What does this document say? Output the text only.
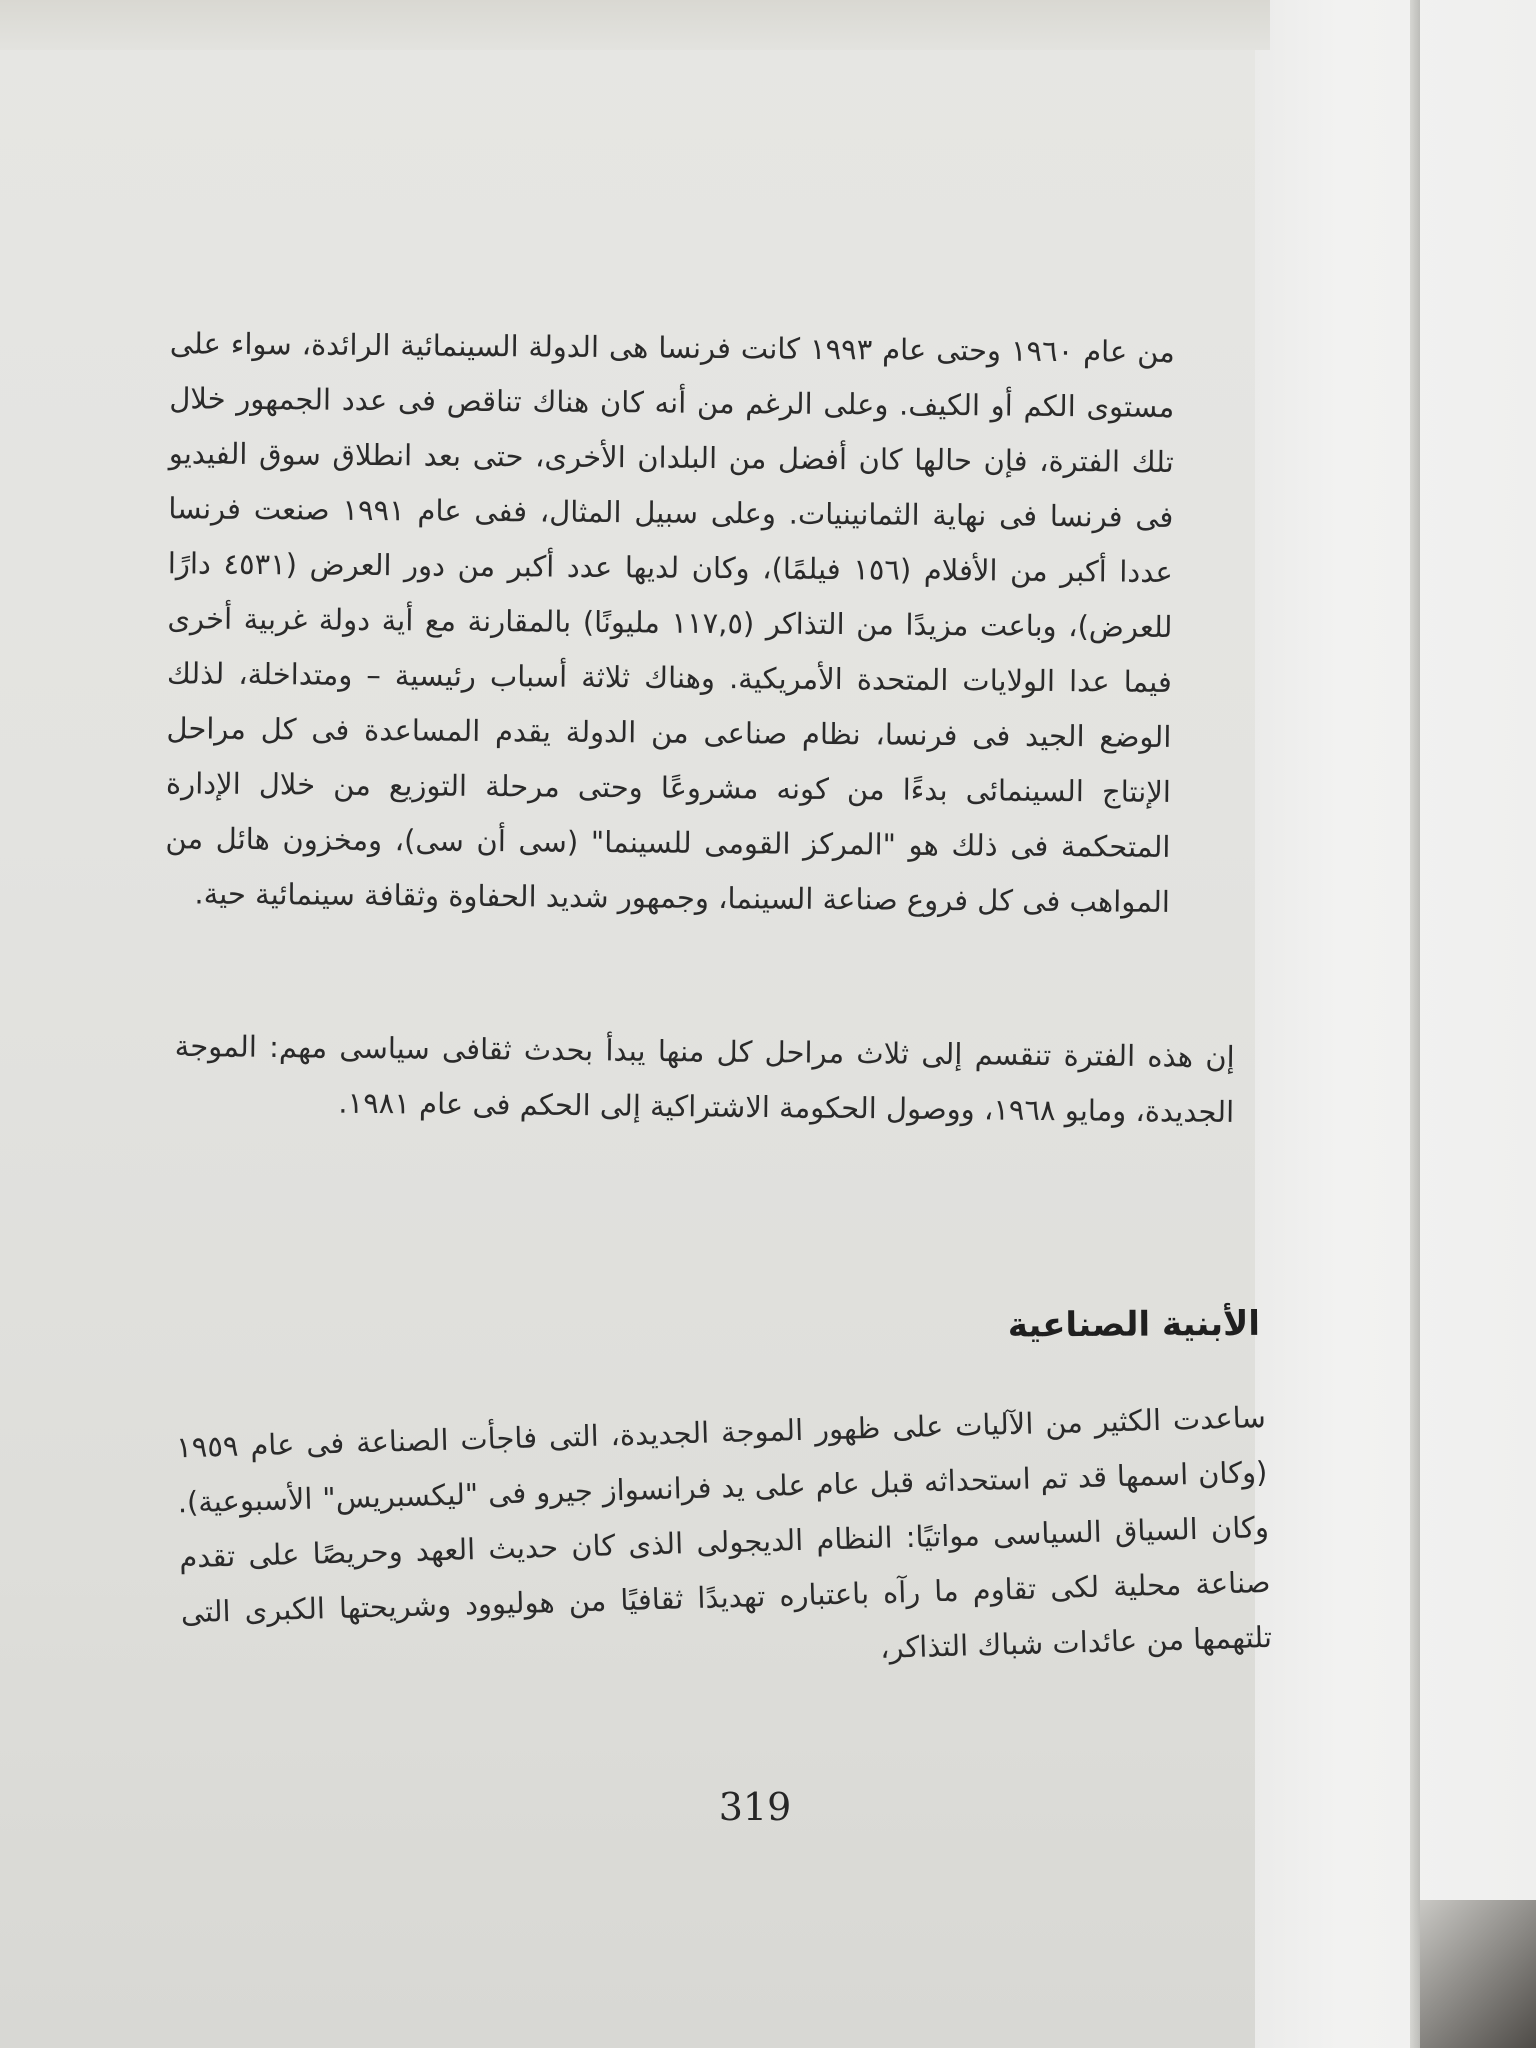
من عام ١٩٦٠ وحتى عام ١٩٩٣ كانت فرنسا هى الدولة السينمائية الرائدة، سواء على مستوى الكم أو الكيف. وعلى الرغم من أنه كان هناك تناقص فى عدد الجمهور خلال تلك الفترة، فإن حالها كان أفضل من البلدان الأخرى، حتى بعد انطلاق سوق الفيديو فى فرنسا فى نهاية الثمانينيات. وعلى سبيل المثال، ففى عام ١٩٩١ صنعت فرنسا عددا أكبر من الأفلام (١٥٦ فيلمًا)، وكان لديها عدد أكبر من دور العرض (٤٥٣١ دارًا للعرض)، وباعت مزيدًا من التذاكر (١١٧,٥ مليونًا) بالمقارنة مع أية دولة غربية أخرى فيما عدا الولايات المتحدة الأمريكية. وهناك ثلاثة أسباب رئيسية – ومتداخلة، لذلك الوضع الجيد فى فرنسا، نظام صناعى من الدولة يقدم المساعدة فى كل مراحل الإنتاج السينمائى بدءًا من كونه مشروعًا وحتى مرحلة التوزيع من خلال الإدارة المتحكمة فى ذلك هو "المركز القومى للسينما" (سى أن سى)، ومخزون هائل من المواهب فى كل فروع صناعة السينما، وجمهور شديد الحفاوة وثقافة سينمائية حية.
إن هذه الفترة تنقسم إلى ثلاث مراحل كل منها يبدأ بحدث ثقافى سياسى مهم: الموجة الجديدة، ومايو ١٩٦٨، ووصول الحكومة الاشتراكية إلى الحكم فى عام ١٩٨١.
الأبنية الصناعية
ساعدت الكثير من الآليات على ظهور الموجة الجديدة، التى فاجأت الصناعة فى عام ١٩٥٩ (وكان اسمها قد تم استحداثه قبل عام على يد فرانسواز جيرو فى "ليكسبريس" الأسبوعية). وكان السياق السياسى مواتيًا: النظام الديجولى الذى كان حديث العهد وحريصًا على تقدم صناعة محلية لكى تقاوم ما رآه باعتباره تهديدًا ثقافيًا من هوليوود وشريحتها الكبرى التى تلتهمها من عائدات شباك التذاكر،
319
